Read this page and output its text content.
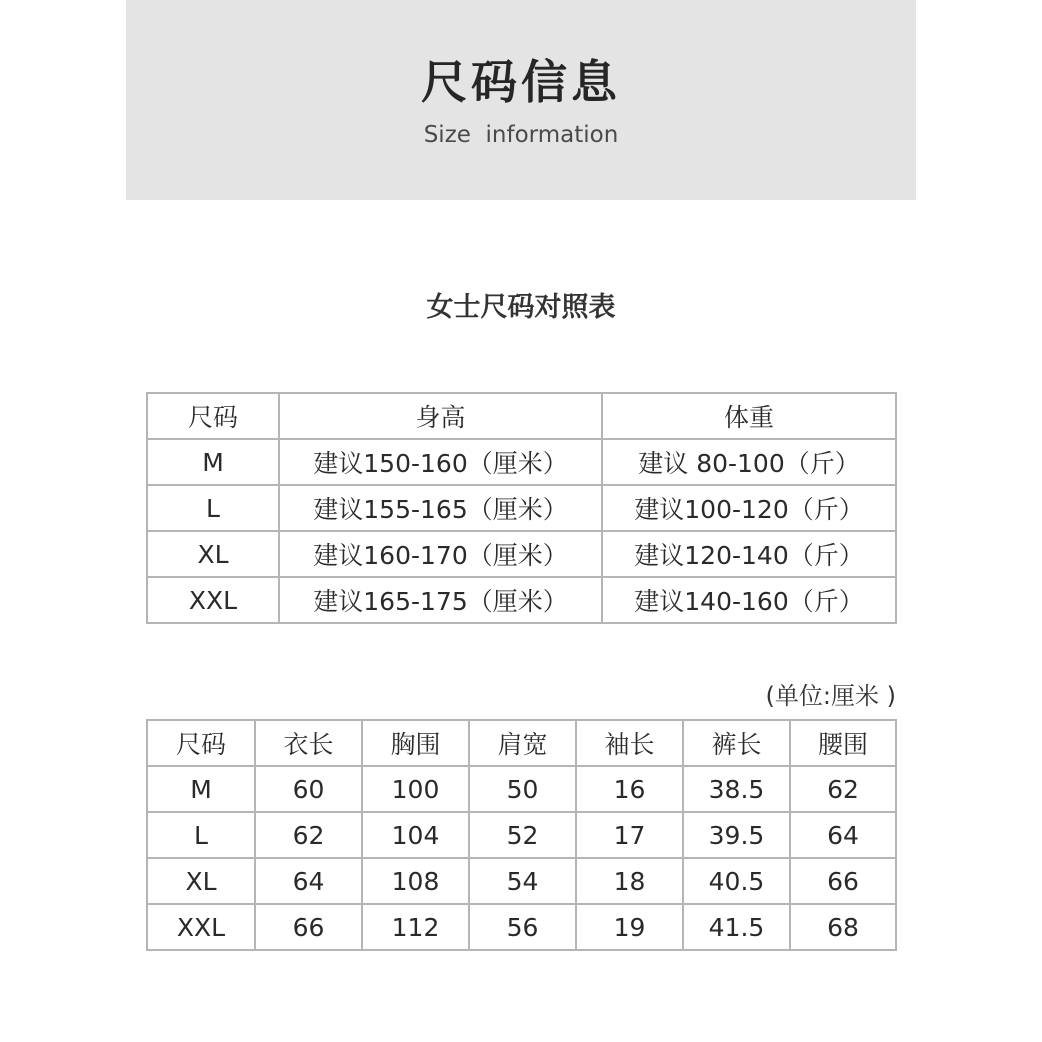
尺码信息
Size  information
女士尺码对照表
尺码	身高	体重
M	建议150-160（厘米）	建议 80-100（斤）
L	建议155-165（厘米）	建议100-120（斤）
XL	建议160-170（厘米）	建议120-140（斤）
XXL	建议165-175（厘米）	建议140-160（斤）
(单位:厘米 )
尺码	衣长	胸围	肩宽	袖长	裤长	腰围
M	60	100	50	16	38.5	62
L	62	104	52	17	39.5	64
XL	64	108	54	18	40.5	66
XXL	66	112	56	19	41.5	68
